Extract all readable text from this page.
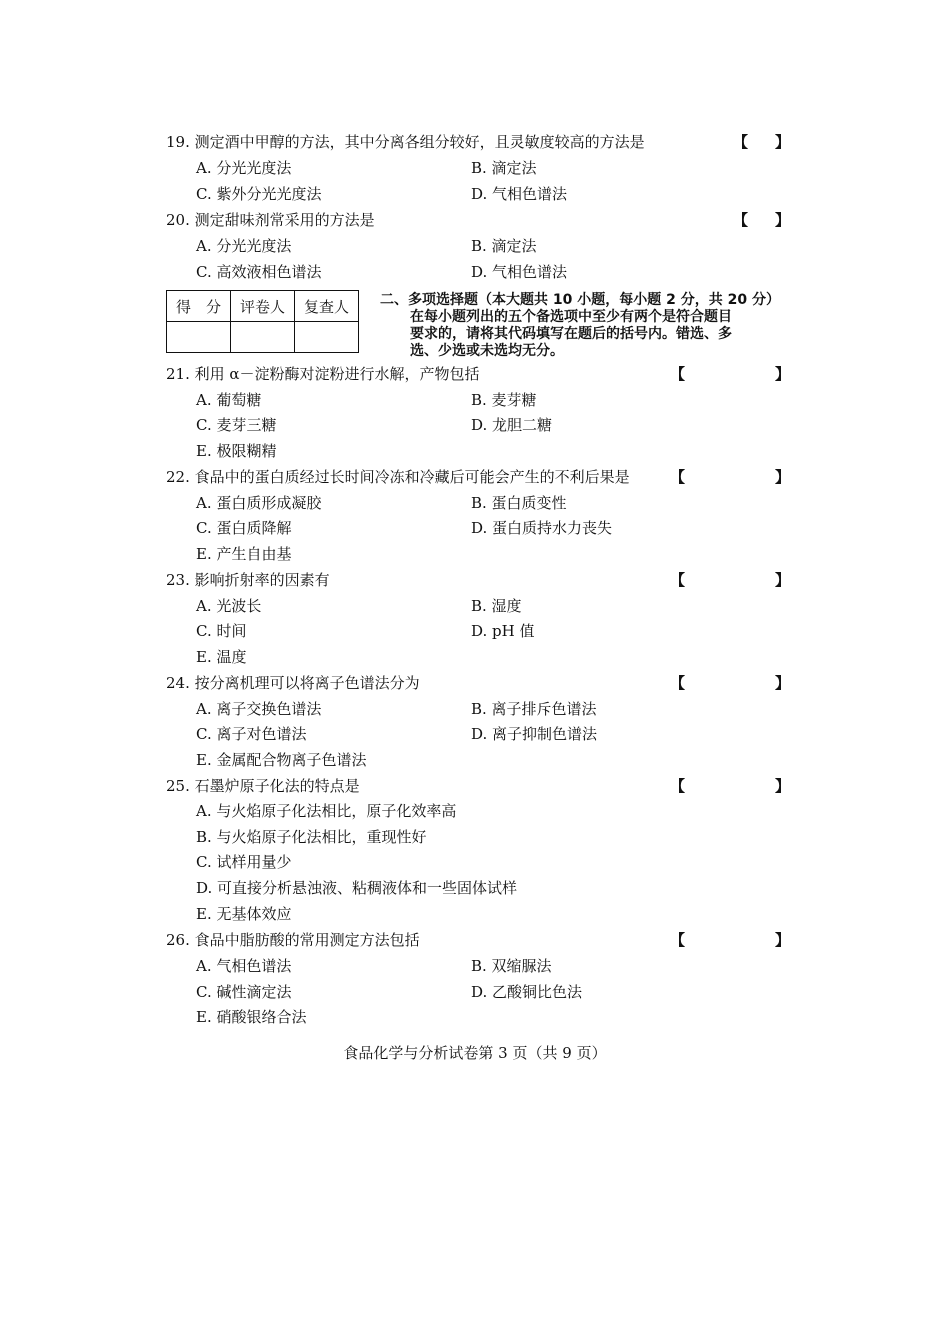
19. 测定酒中甲醇的方法，其中分离各组分较好，且灵敏度较高的方法是	【 】
A. 分光光度法	B. 滴定法
C. 紫外分光光度法	D. 气相色谱法
20. 测定甜味剂常采用的方法是	【 】
A. 分光光度法	B. 滴定法
C. 高效液相色谱法	D. 气相色谱法
得　分	评卷人	复查人
		二、多项选择题（本大题共 10 小题，每小题 2 分，共 20 分）
在每小题列出的五个备选项中至少有两个是符合题目
要求的，请将其代码填写在题后的括号内。错选、多
选、少选或未选均无分。
21. 利用 α－淀粉酶对淀粉进行水解，产物包括	【	】
A. 葡萄糖	B. 麦芽糖
C. 麦芽三糖	D. 龙胆二糖
E. 极限糊精
22. 食品中的蛋白质经过长时间冷冻和冷藏后可能会产生的不利后果是	【	】
A. 蛋白质形成凝胶	B. 蛋白质变性
C. 蛋白质降解	D. 蛋白质持水力丧失
E. 产生自由基
23. 影响折射率的因素有	【	】
A. 光波长	B. 湿度
C. 时间	D. pH 值
E. 温度
24. 按分离机理可以将离子色谱法分为	【	】
A. 离子交换色谱法	B. 离子排斥色谱法
C. 离子对色谱法	D. 离子抑制色谱法
E. 金属配合物离子色谱法
25. 石墨炉原子化法的特点是	【	】
A. 与火焰原子化法相比，原子化效率高
B. 与火焰原子化法相比，重现性好
C. 试样用量少
D. 可直接分析悬浊液、粘稠液体和一些固体试样
E. 无基体效应
26. 食品中脂肪酸的常用测定方法包括	【	】
A. 气相色谱法	B. 双缩脲法
C. 碱性滴定法	D. 乙酸铜比色法
E. 硝酸银络合法
食品化学与分析试卷第 3 页（共 9 页）
